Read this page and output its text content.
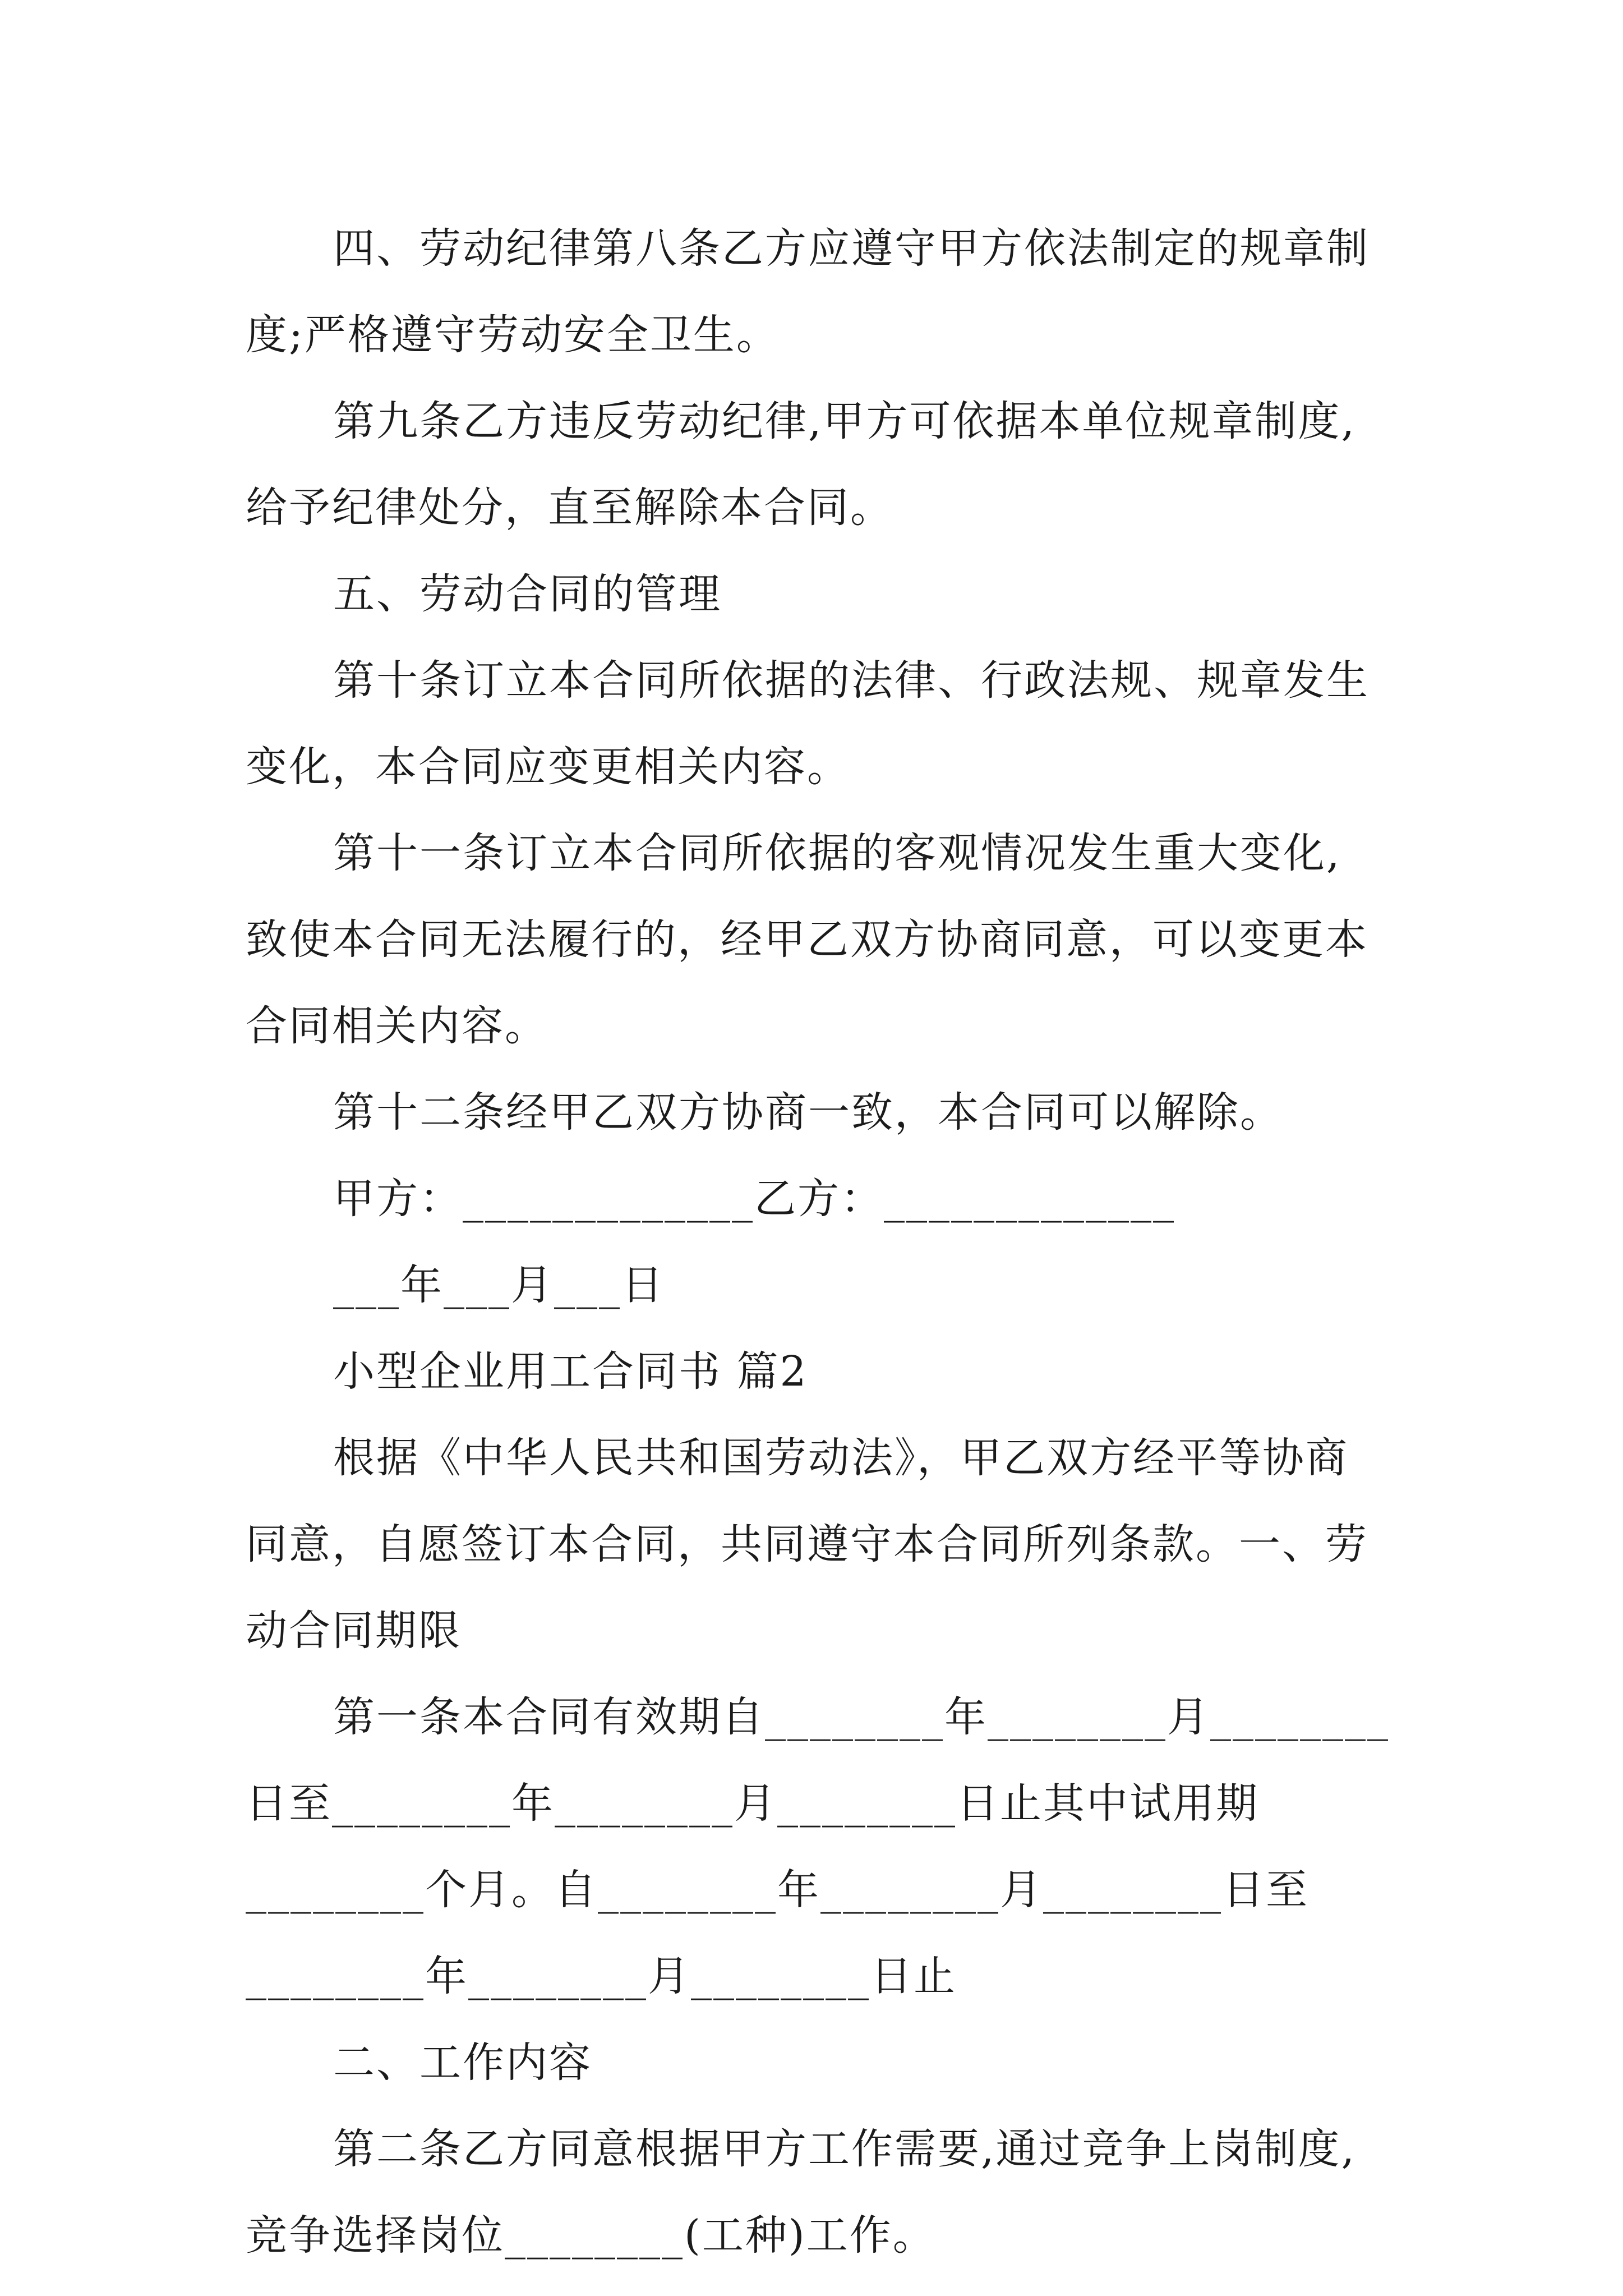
四、劳动纪律第八条乙方应遵守甲方依法制定的规章制
度;严格遵守劳动安全卫生。
第九条乙方违反劳动纪律,甲方可依据本单位规章制度,
给予纪律处分，直至解除本合同。
五、劳动合同的管理
第十条订立本合同所依据的法律、行政法规、规章发生
变化，本合同应变更相关内容。
第十一条订立本合同所依据的客观情况发生重大变化,
致使本合同无法履行的，经甲乙双方协商同意，可以变更本
合同相关内容。
第十二条经甲乙双方协商一致，本合同可以解除。
甲方：_____________乙方：_____________
___年___月___日
小型企业用工合同书 篇2
根据《中华人民共和国劳动法》，甲乙双方经平等协商
同意，自愿签订本合同，共同遵守本合同所列条款。一、劳
动合同期限
第一条本合同有效期自________年________月________
日至________年________月________日止其中试用期
________个月。自________年________月________日至
________年________月________日止
二、工作内容
第二条乙方同意根据甲方工作需要,通过竞争上岗制度,
竞争选择岗位________(工种)工作。
